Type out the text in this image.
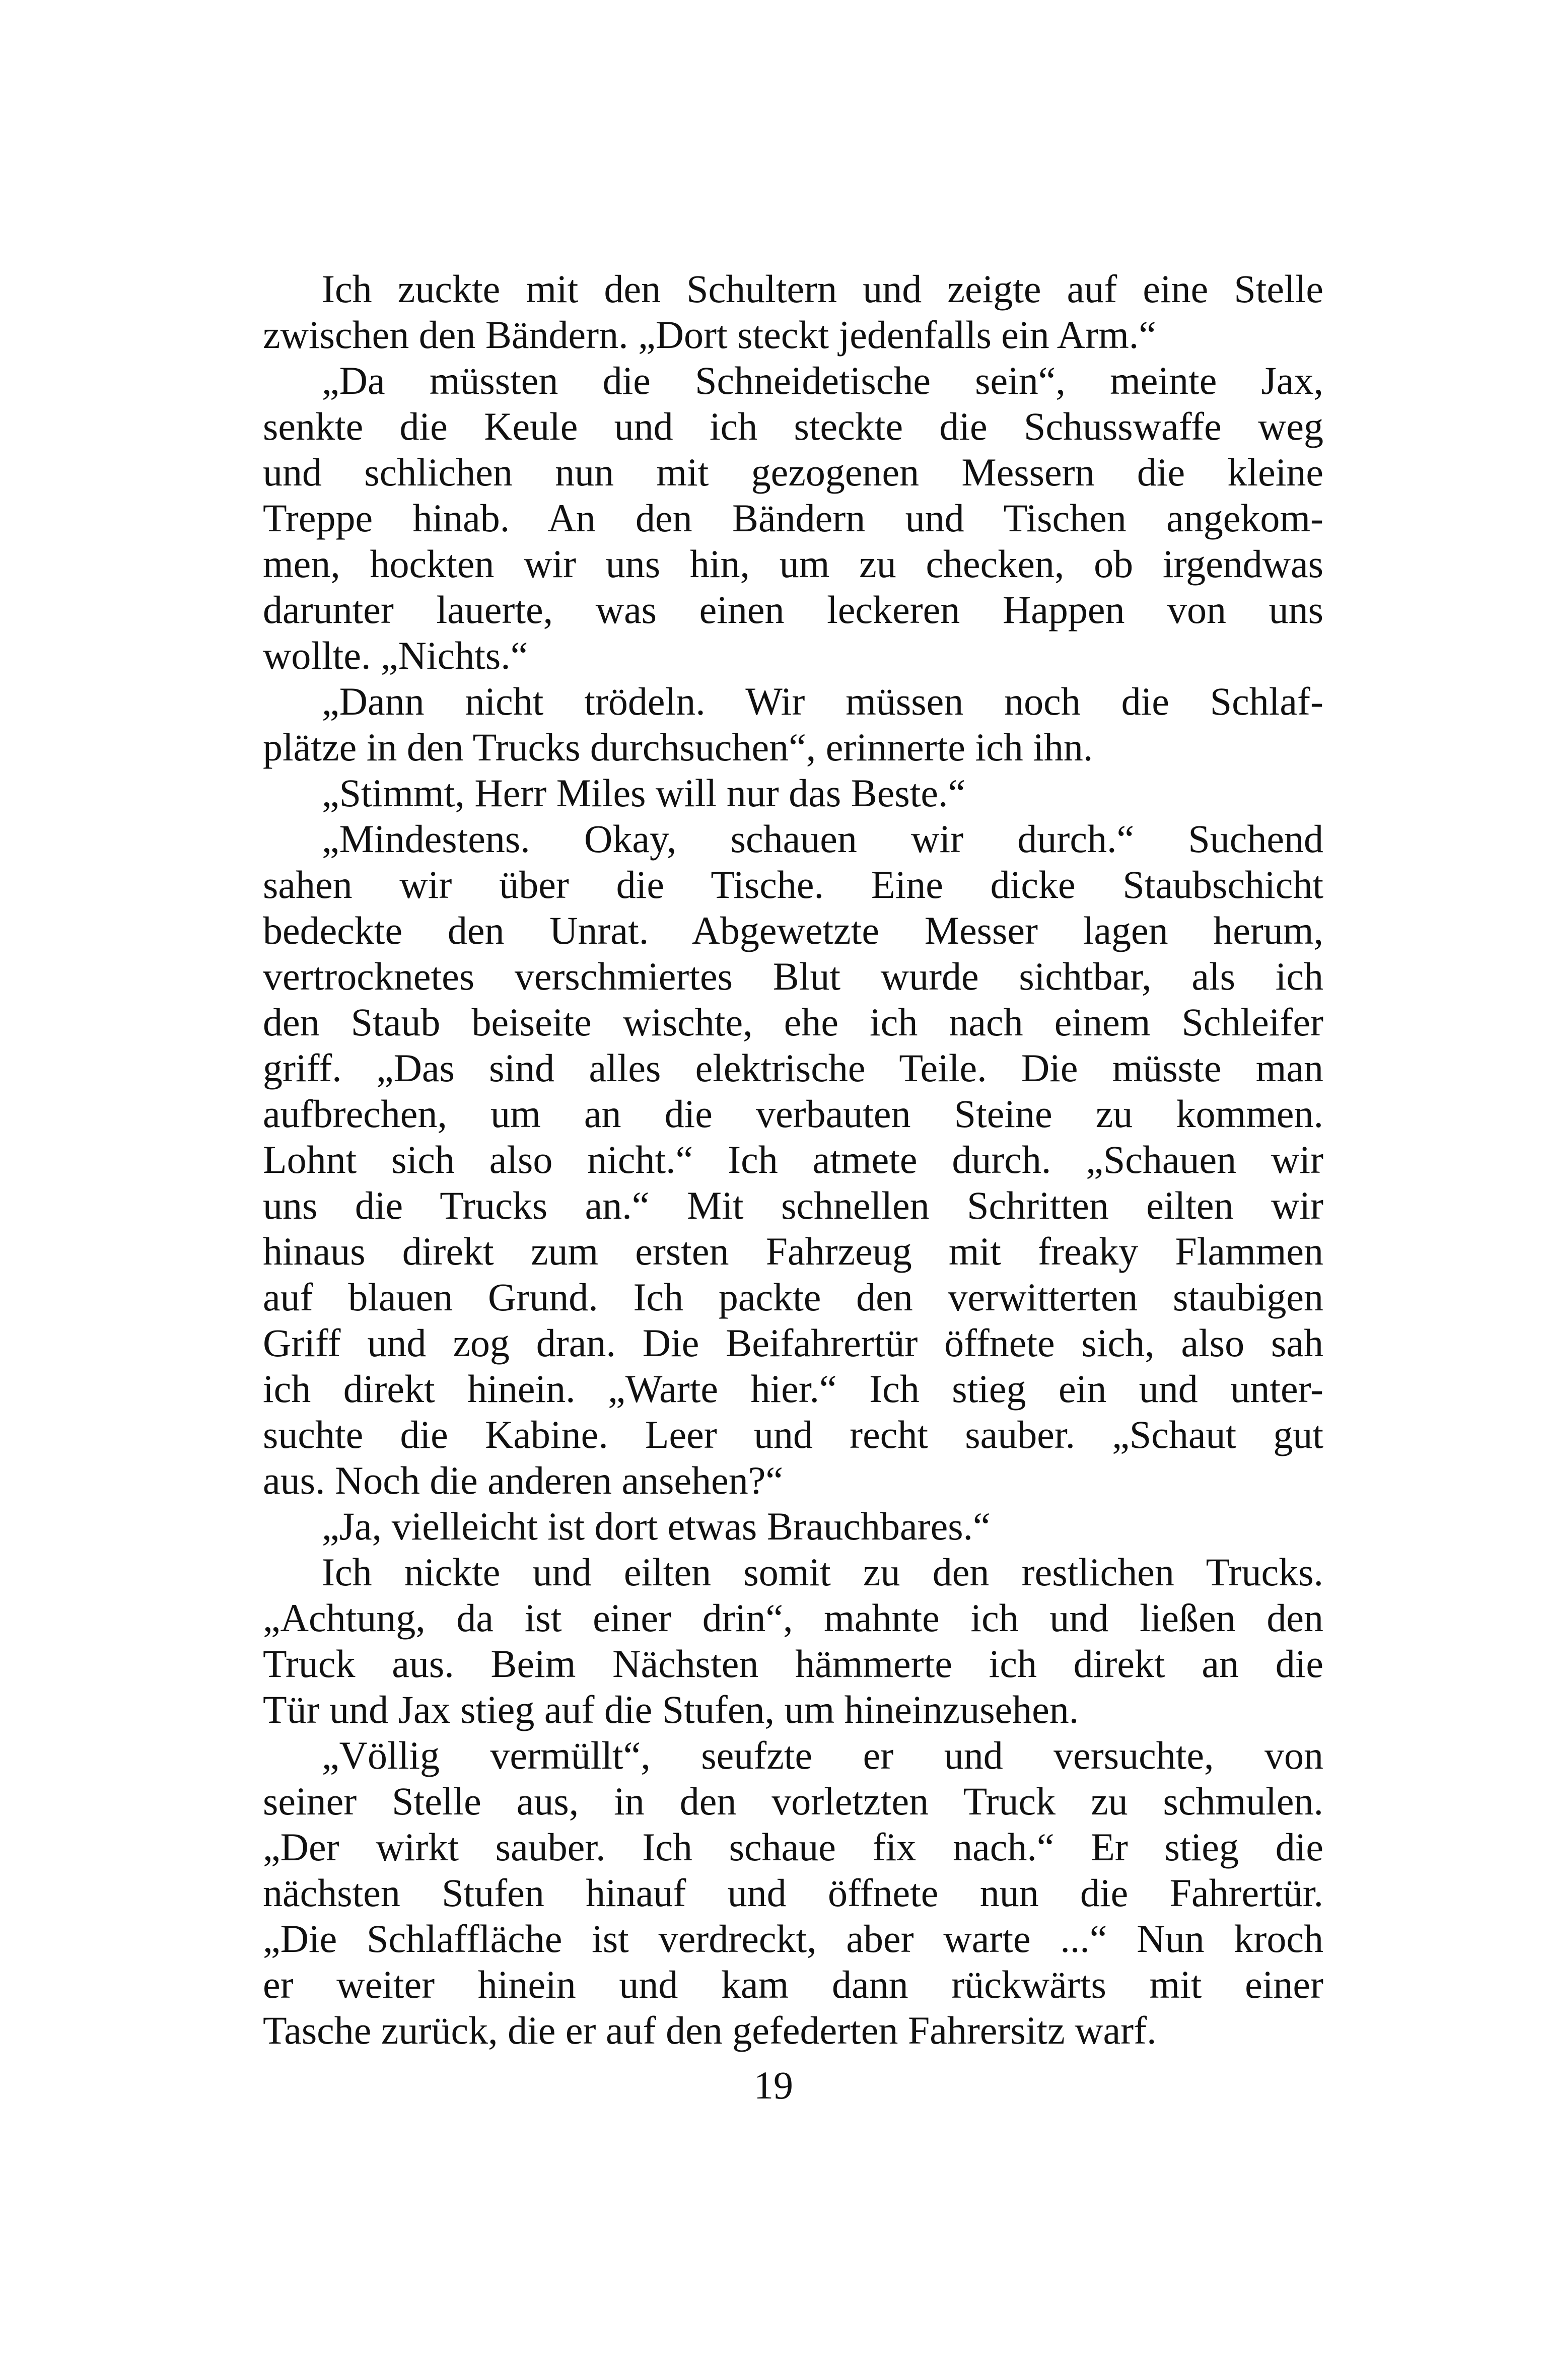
Ich zuckte mit den Schultern und zeigte auf eine Stelle
zwischen den Bändern. „Dort steckt jedenfalls ein Arm.“
„Da müssten die Schneidetische sein“, meinte Jax,
senkte die Keule und ich steckte die Schusswaffe weg
und schlichen nun mit gezogenen Messern die kleine
Treppe hinab. An den Bändern und Tischen angekom-
men, hockten wir uns hin, um zu checken, ob irgendwas
darunter lauerte, was einen leckeren Happen von uns
wollte. „Nichts.“
„Dann nicht trödeln. Wir müssen noch die Schlaf-
plätze in den Trucks durchsuchen“, erinnerte ich ihn.
„Stimmt, Herr Miles will nur das Beste.“
„Mindestens. Okay, schauen wir durch.“ Suchend
sahen wir über die Tische. Eine dicke Staubschicht
bedeckte den Unrat. Abgewetzte Messer lagen herum,
vertrocknetes verschmiertes Blut wurde sichtbar, als ich
den Staub beiseite wischte, ehe ich nach einem Schleifer
griff. „Das sind alles elektrische Teile. Die müsste man
aufbrechen, um an die verbauten Steine zu kommen.
Lohnt sich also nicht.“ Ich atmete durch. „Schauen wir
uns die Trucks an.“ Mit schnellen Schritten eilten wir
hinaus direkt zum ersten Fahrzeug mit freaky Flammen
auf blauen Grund. Ich packte den verwitterten staubigen
Griff und zog dran. Die Beifahrertür öffnete sich, also sah
ich direkt hinein. „Warte hier.“ Ich stieg ein und unter-
suchte die Kabine. Leer und recht sauber. „Schaut gut
aus. Noch die anderen ansehen?“
„Ja, vielleicht ist dort etwas Brauchbares.“
Ich nickte und eilten somit zu den restlichen Trucks.
„Achtung, da ist einer drin“, mahnte ich und ließen den
Truck aus. Beim Nächsten hämmerte ich direkt an die
Tür und Jax stieg auf die Stufen, um hineinzusehen.
„Völlig vermüllt“, seufzte er und versuchte, von
seiner Stelle aus, in den vorletzten Truck zu schmulen.
„Der wirkt sauber. Ich schaue fix nach.“ Er stieg die
nächsten Stufen hinauf und öffnete nun die Fahrertür.
„Die Schlaffläche ist verdreckt, aber warte ...“ Nun kroch
er weiter hinein und kam dann rückwärts mit einer
Tasche zurück, die er auf den gefederten Fahrersitz warf.
19
